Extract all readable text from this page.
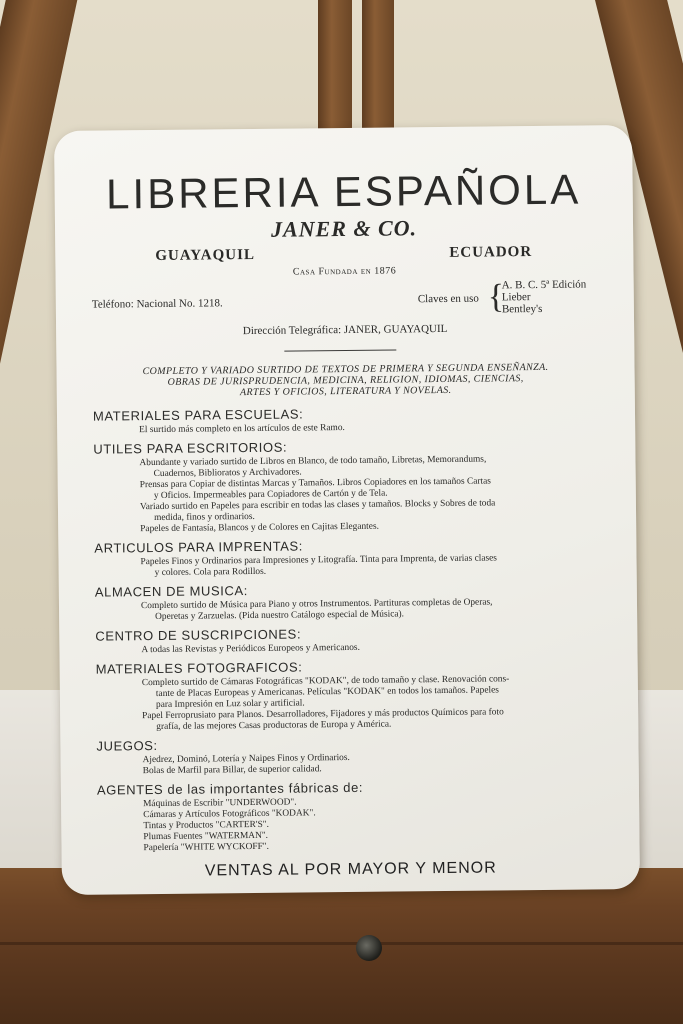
LIBRERIA ESPAÑOLA
JANER & CO.
GUAYAQUIL	ECUADOR
Casa Fundada en 1876
Teléfono: Nacional No. 1218.	Claves en uso {
A. B. C. 5ª Edición
Lieber
Bentley's
Dirección Telegráfica: JANER, GUAYAQUIL
COMPLETO Y VARIADO SURTIDO DE TEXTOS DE PRIMERA Y SEGUNDA ENSEÑANZA.
OBRAS DE JURISPRUDENCIA, MEDICINA, RELIGION, IDIOMAS, CIENCIAS,
ARTES Y OFICIOS, LITERATURA Y NOVELAS.
MATERIALES PARA ESCUELAS:
El surtido más completo en los artículos de este Ramo.
UTILES PARA ESCRITORIOS:
Abundante y variado surtido de Libros en Blanco, de todo tamaño, Libretas, Memorandums,
Cuadernos, Biblioratos y Archivadores.
Prensas para Copiar de distintas Marcas y Tamaños. Libros Copiadores en los tamaños Cartas
y Oficios. Impermeables para Copiadores de Cartón y de Tela.
Variado surtido en Papeles para escribir en todas las clases y tamaños. Blocks y Sobres de toda
medida, finos y ordinarios.
Papeles de Fantasía, Blancos y de Colores en Cajitas Elegantes.
ARTICULOS PARA IMPRENTAS:
Papeles Finos y Ordinarios para Impresiones y Litografía. Tinta para Imprenta, de varias clases
y colores. Cola para Rodillos.
ALMACEN DE MUSICA:
Completo surtido de Música para Piano y otros Instrumentos. Partituras completas de Operas,
Operetas y Zarzuelas. (Pida nuestro Catálogo especial de Música).
CENTRO DE SUSCRIPCIONES:
A todas las Revistas y Periódicos Europeos y Americanos.
MATERIALES FOTOGRAFICOS:
Completo surtido de Cámaras Fotográficas "KODAK", de todo tamaño y clase. Renovación cons-
tante de Placas Europeas y Americanas. Películas "KODAK" en todos los tamaños. Papeles
para Impresión en Luz solar y artificial.
Papel Ferroprusiato para Planos. Desarrolladores, Fijadores y más productos Químicos para foto
grafía, de las mejores Casas productoras de Europa y América.
JUEGOS:
Ajedrez, Dominó, Lotería y Naipes Finos y Ordinarios.
Bolas de Marfil para Billar, de superior calidad.
AGENTES de las importantes fábricas de:
Máquinas de Escribir "UNDERWOOD".
Cámaras y Artículos Fotográficos "KODAK".
Tintas y Productos "CARTER'S".
Plumas Fuentes "WATERMAN".
Papelería "WHITE WYCKOFF".
VENTAS AL POR MAYOR Y MENOR
